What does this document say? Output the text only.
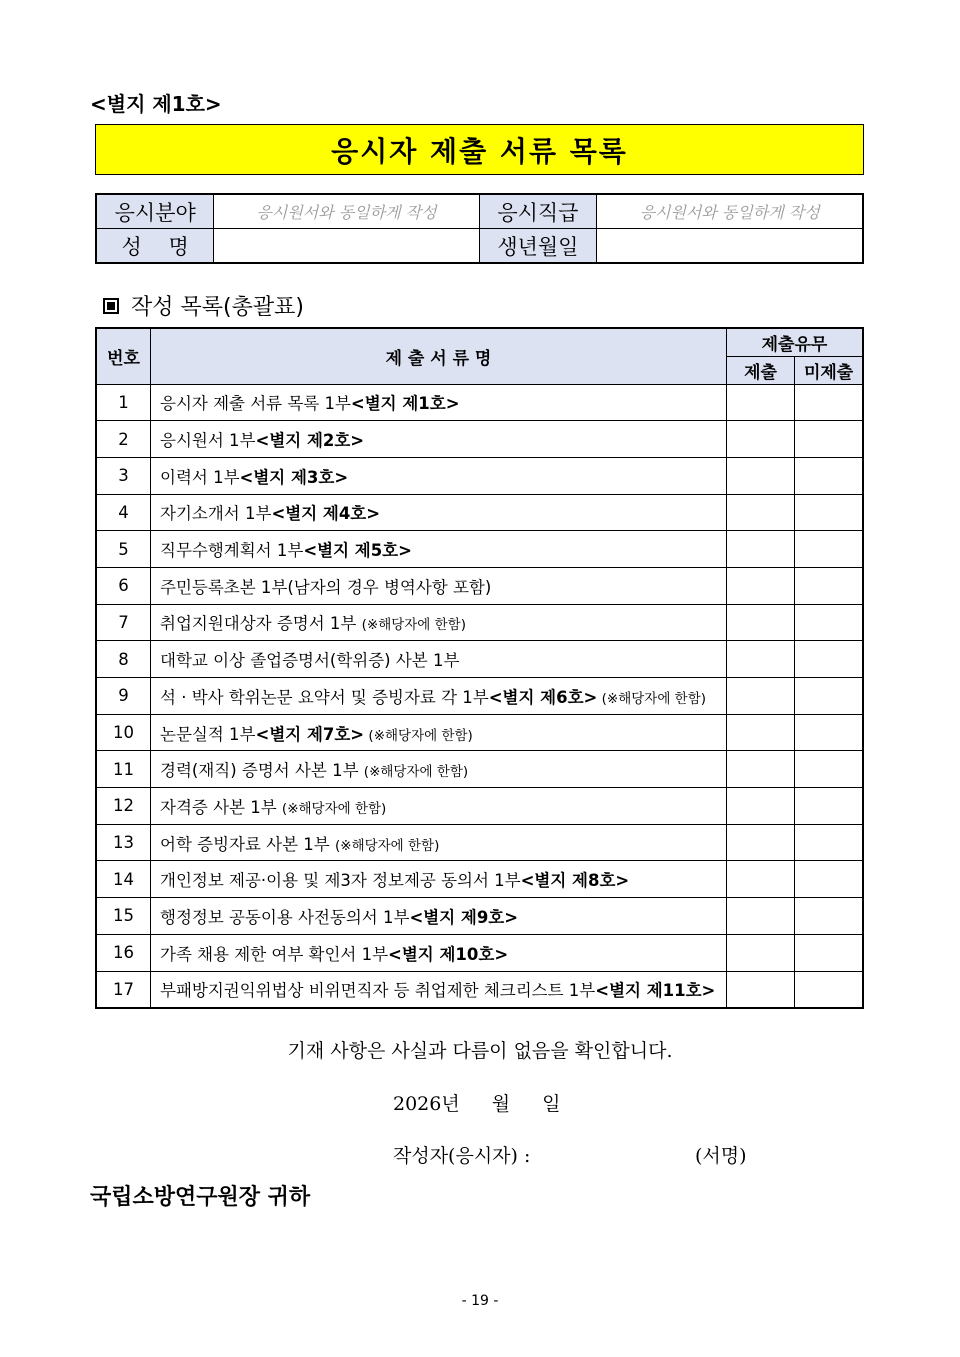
<별지 제1호>
응시자 제출 서류 목록
응시분야	응시원서와 동일하게 작성	응시직급	응시원서와 동일하게 작성
성    명		생년월일	
작성 목록(총괄표)
번호	제 출 서 류 명	제출유무	
		제출	미제출
1	응시자 제출 서류 목록 1부<별지 제1호>		
2	응시원서 1부<별지 제2호>		
3	이력서 1부<별지 제3호>		
4	자기소개서 1부<별지 제4호>		
5	직무수행계획서 1부<별지 제5호>		
6	주민등록초본 1부(남자의 경우 병역사항 포함)		
7	취업지원대상자 증명서 1부 (※해당자에 한함)		
8	대학교 이상 졸업증명서(학위증) 사본 1부		
9	석 · 박사 학위논문 요약서 및 증빙자료 각 1부<별지 제6호> (※해당자에 한함)		
10	논문실적 1부<별지 제7호> (※해당자에 한함)		
11	경력(재직) 증명서 사본 1부 (※해당자에 한함)		
12	자격증 사본 1부 (※해당자에 한함)		
13	어학 증빙자료 사본 1부 (※해당자에 한함)		
14	개인정보 제공·이용 및 제3자 정보제공 동의서 1부<별지 제8호>		
15	행정정보 공동이용 사전동의서 1부<별지 제9호>		
16	가족 채용 제한 여부 확인서 1부<별지 제10호>		
17	부패방지권익위법상 비위면직자 등 취업제한 체크리스트 1부<별지 제11호>		
기재 사항은 사실과 다름이 없음을 확인합니다.
2026년 월 일
작성자(응시자) :	(서명)
국립소방연구원장 귀하
- 19 -
